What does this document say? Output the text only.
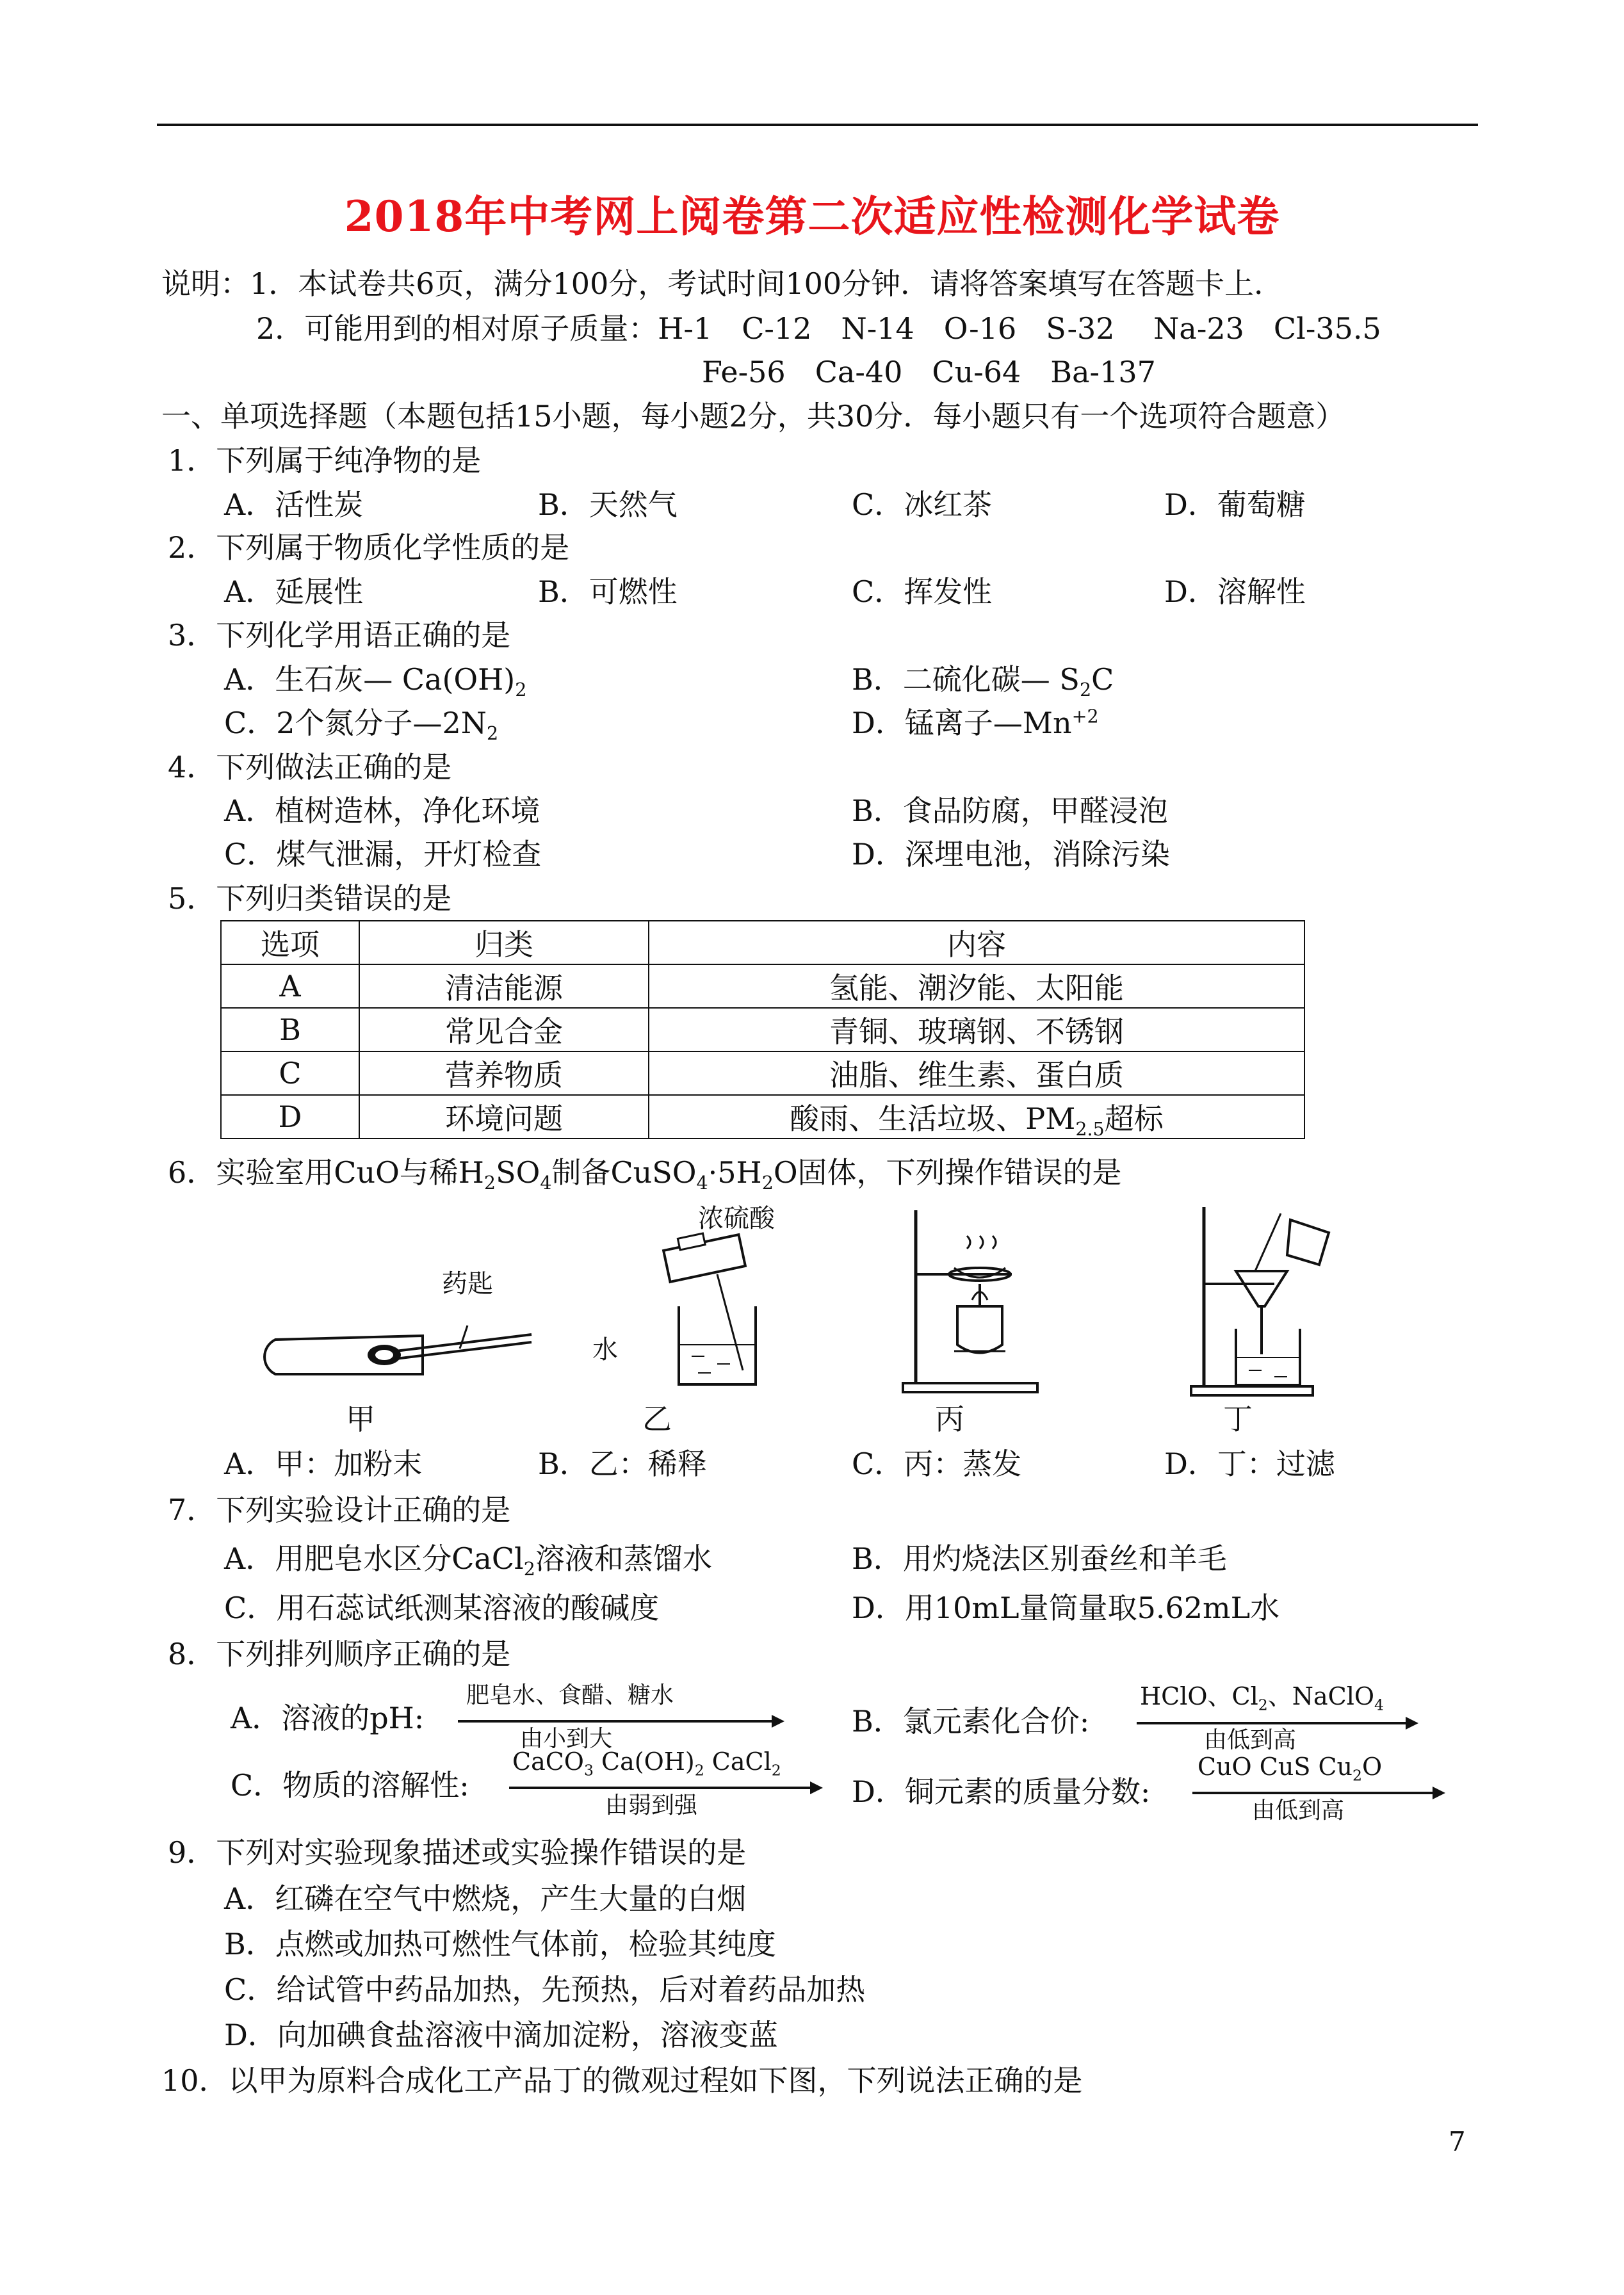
2018年中考网上阅卷第二次适应性检测化学试卷
说明：1．本试卷共6页，满分100分，考试时间100分钟．请将答案填写在答题卡上．
2．可能用到的相对原子质量：H-1　C-12　N-14　O-16　S-32　 Na-23　Cl-35.5
Fe-56　Ca-40　Cu-64　Ba-137
一、单项选择题（本题包括15小题，每小题2分，共30分．每小题只有一个选项符合题意）
1．下列属于纯净物的是
A．活性炭	B．天然气	C．冰红茶	D．葡萄糖
2．下列属于物质化学性质的是
A．延展性	B．可燃性	C．挥发性	D．溶解性
3．下列化学用语正确的是
A．生石灰— $Ca(OH)_2$	B．二硫化碳— $S_2C$
C．2个氮分子$—2N_2$	D．锰离子$—Mn^{+2}$
4．下列做法正确的是
A．植树造林，净化环境	B．食品防腐，甲醛浸泡
C．煤气泄漏，开灯检查	D．深埋电池，消除污染
5．下列归类错误的是
选项	归类	内容
A	清洁能源	氢能、潮汐能、太阳能
B	常见合金	青铜、玻璃钢、不锈钢
C	营养物质	油脂、维生素、蛋白质
D	环境问题	酸雨、生活垃圾、$PM_{2.5}$超标
6．实验室用CuO与稀$H_2SO_4$制备$CuSO_4\cdot 5H_2O$固体，下列操作错误的是
药匙
浓硫酸
水
甲	乙	丙	丁
A．甲：加粉末	B．乙：稀释	C．丙：蒸发	D．丁：过滤
7．下列实验设计正确的是
A．用肥皂水区分CaCl$_2$溶液和蒸馏水	B．用灼烧法区别蚕丝和羊毛
C．用石蕊试纸测某溶液的酸碱度	D．用10mL量筒量取5.62mL水
8．下列排列顺序正确的是
A．溶液的pH:
肥皂水、食醋、糖水
由小到大
B．氯元素化合价:
HClO、$Cl_2$、NaClO$_4$
由低到高
C．物质的溶解性:
CaCO$_3$ $Ca(OH)_2$ CaCl$_2$
由弱到强	D．铜元素的质量分数:
CuO CuS $Cu_2O$
由低到高
9．下列对实验现象描述或实验操作错误的是
A．红磷在空气中燃烧，产生大量的白烟
B．点燃或加热可燃性气体前，检验其纯度
C．给试管中药品加热，先预热，后对着药品加热
D．向加碘食盐溶液中滴加淀粉，溶液变蓝
10．以甲为原料合成化工产品丁的微观过程如下图，下列说法正确的是
7
